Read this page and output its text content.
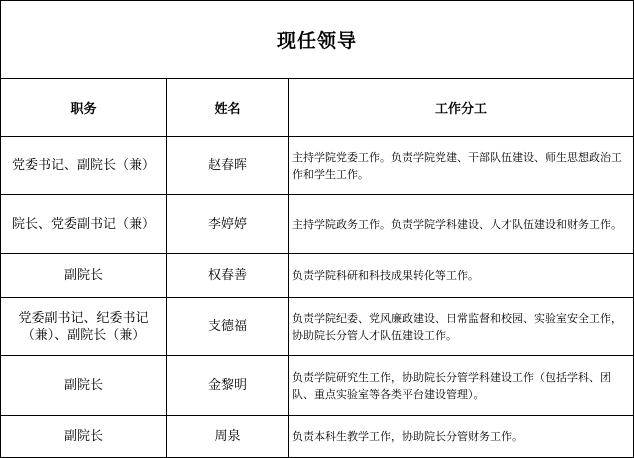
现任领导		
职务	姓名	工作分工
党委书记、副院长（兼）	赵春晖	主持学院党委工作。负责学院党建、干部队伍建设、师生思想政治工作和学生工作。
院长、党委副书记（兼）	李婷婷	主持学院政务工作。负责学院学科建设、人才队伍建设和财务工作。
副院长	权春善	负责学院科研和科技成果转化等工作。
党委副书记、纪委书记（兼）、副院长（兼）	支德福	负责学院纪委、党风廉政建设、日常监督和校园、实验室安全工作，协助院长分管人才队伍建设工作。
副院长	金黎明	负责学院研究生工作，协助院长分管学科建设工作（包括学科、团队、重点实验室等各类平台建设管理）。
副院长	周泉	负责本科生教学工作，协助院长分管财务工作。
